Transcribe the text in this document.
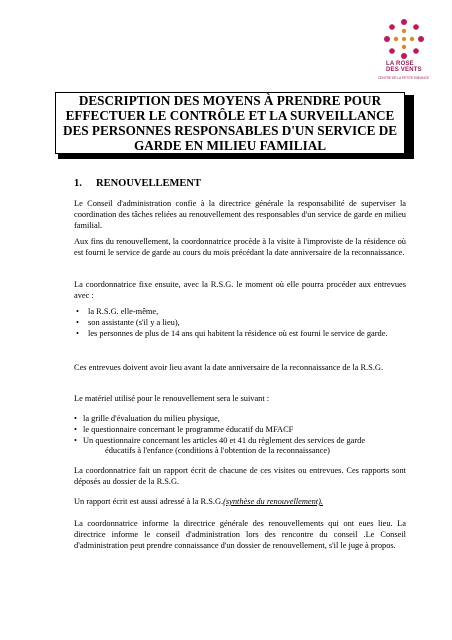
LA ROSE
DES VENTS
CENTRE DE LA PETITE ENFANCE
DESCRIPTION DES MOYENS À PRENDRE POUR
EFFECTUER LE CONTRÔLE ET LA SURVEILLANCE
DES PERSONNES RESPONSABLES D'UN SERVICE DE
GARDE EN MILIEU FAMILIAL
1. RENOUVELLEMENT
Le Conseil d'administration confie à la directrice générale la responsabilité de superviser la coordination des tâches reliées au renouvellement des responsables d'un service de garde en milieu familial.
Aux fins du renouvellement, la coordonnatrice procède à la visite à l'improviste de la résidence où est fourni le service de garde au cours du mois précédant la date anniversaire de la reconnaissance.
La coordonnatrice fixe ensuite, avec la R.S.G. le moment où elle pourra procéder aux entrevues avec :
• la R.S.G. elle-même,
• son assistante (s'il y a lieu),
• les personnes de plus de 14 ans qui habitent la résidence où est fourni le service de garde.
Ces entrevues doivent avoir lieu avant la date anniversaire de la reconnaissance de la R.S.G.
Le matériel utilisé pour le renouvellement sera le suivant :
• la grille d'évaluation du milieu physique,
• le questionnaire concernant le programme éducatif du MFACF
• Un questionnaire concernant les articles 40 et 41 du règlement des services de garde
éducatifs à l'enfance (conditions à l'obtention de la reconnaissance)
La coordonnatrice fait un rapport écrit de chacune de ces visites ou entrevues. Ces rapports sont déposés au dossier de la R.S.G.
Un rapport écrit est aussi adressé à la R.S.G.(synthèse du renouvellement).
La coordonnatrice informe la directrice générale des renouvellements qui ont eues lieu. La directrice informe le conseil d'administration lors des rencontre du conseil .Le Conseil d'administration peut prendre connaissance d'un dossier de renouvellement, s'il le juge à propos.
